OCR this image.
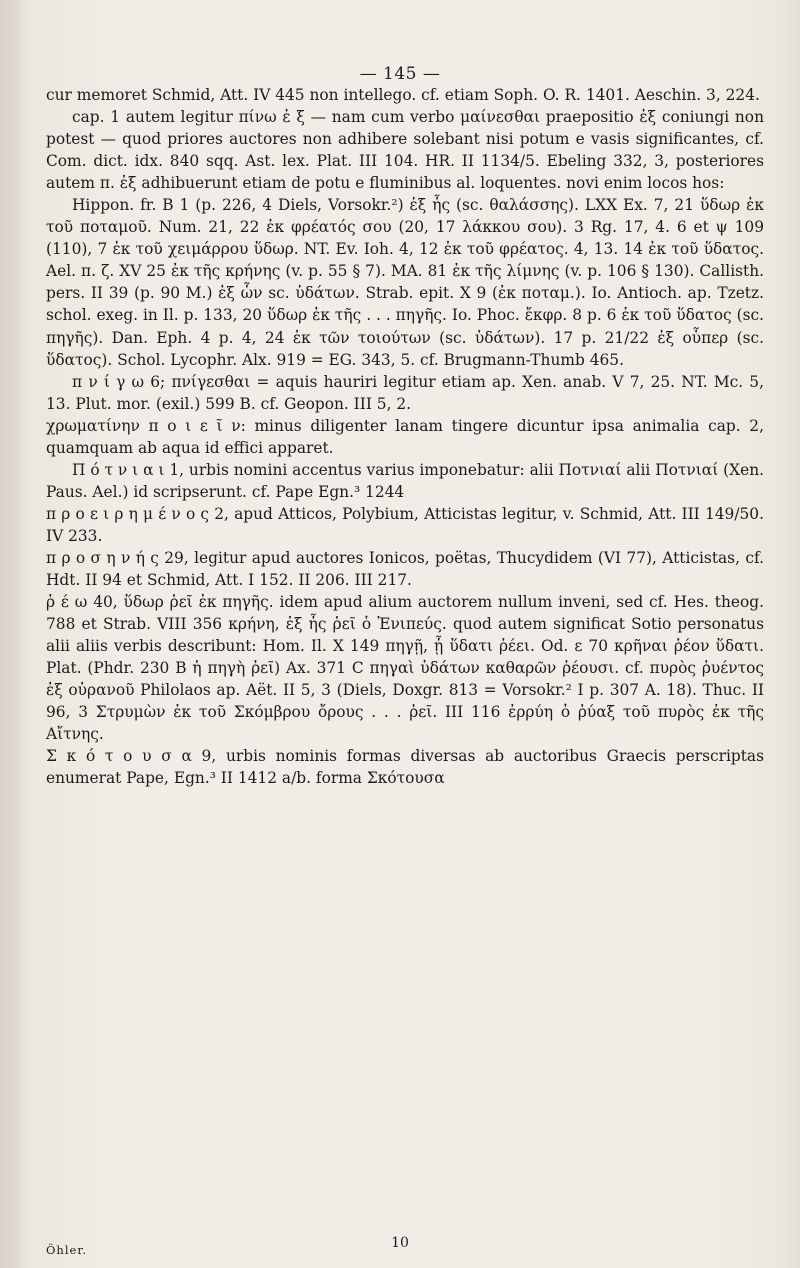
— 145 —

cur memoret Schmid, Att. IV 445 non intellego. cf. etiam Soph. O. R. 1401. Aeschin. 3, 224.

cap. 1 autem legitur πίνω ἐ ξ — nam cum verbo μαίνεσθαι praepositio ἐξ coniungi non potest — quod priores auctores non adhibere solebant nisi potum e vasis significantes, cf. Com. dict. idx. 840 sqq. Ast. lex. Plat. III 104. HR. II 1134/5. Ebeling 332, 3, posteriores autem π. ἐξ adhibuerunt etiam de potu e fluminibus al. loquentes. novi enim locos hos:

Hippon. fr. B 1 (p. 226, 4 Diels, Vorsokr.²) ἐξ ἧς (sc. θαλάσσης). LXX Ex. 7, 21 ὕδωρ ἐκ τοῦ ποταμοῦ. Num. 21, 22 ἐκ φρέατός σου (20, 17 λάκκου σου). 3 Rg. 17, 4. 6 et ψ 109 (110), 7 ἐκ τοῦ χειμάρρου ὕδωρ. NT. Ev. Ioh. 4, 12 ἐκ τοῦ φρέατος. 4, 13. 14 ἐκ τοῦ ὕδατος. Ael. π. ζ. XV 25 ἐκ τῆς κρήνης (v. p. 55 § 7). MA. 81 ἐκ τῆς λίμνης (v. p. 106 § 130). Callisth. pers. II 39 (p. 90 M.) ἐξ ὧν sc. ὑδάτων. Strab. epit. X 9 (ἐκ ποταμ.). Io. Antioch. ap. Tzetz. schol. exeg. in Il. p. 133, 20 ὕδωρ ἐκ τῆς . . . πηγῆς. Io. Phoc. ἔκφρ. 8 p. 6 ἐκ τοῦ ὕδατος (sc. πηγῆς). Dan. Eph. 4 p. 4, 24 ἐκ τῶν τοιούτων (sc. ὑδάτων). 17 p. 21/22 ἐξ οὗπερ (sc. ὕδατος). Schol. Lycophr. Alx. 919 = EG. 343, 5. cf. Brugmann-Thumb 465.

π ν ί γ ω 6; πνίγεσθαι = aquis hauriri legitur etiam ap. Xen. anab. V 7, 25. NT. Mc. 5, 13. Plut. mor. (exil.) 599 B. cf. Geopon. III 5, 2.

χρωματίνην π ο ι ε ῖ ν: minus diligenter lanam tingere dicuntur ipsa animalia cap. 2, quamquam ab aqua id effici apparet.

Π ό τ ν ι α ι 1, urbis nomini accentus varius imponebatur: alii Ποτνιαί alii Ποτνιαί (Xen. Paus. Ael.) id scripserunt. cf. Pape Egn.³ 1244

π ρ ο ε ι ρ η μ έ ν ο ς 2, apud Atticos, Polybium, Atticistas legitur, v. Schmid, Att. III 149/50. IV 233.

π ρ ο σ η ν ή ς 29, legitur apud auctores Ionicos, poëtas, Thucydidem (VI 77), Atticistas, cf. Hdt. II 94 et Schmid, Att. I 152. II 206. III 217.

ῥ έ ω 40, ὕδωρ ῥεῖ ἐκ πηγῆς. idem apud alium auctorem nullum inveni, sed cf. Hes. theog. 788 et Strab. VIII 356 κρήνη, ἐξ ἧς ῥεῖ ὁ Ἐνιπεύς. quod autem significat Sotio personatus alii aliis verbis describunt: Hom. Il. X 149 πηγῇ, ᾗ ὕδατι ῥέει. Od. ε 70 κρῆναι ῥέον ὕδατι. Plat. (Phdr. 230 B ἡ πηγὴ ῥεῖ) Ax. 371 C πηγαὶ ὑδάτων καθαρῶν ῥέουσι. cf. πυρὸς ῥυέντος ἐξ οὐρανοῦ Philolaos ap. Aët. II 5, 3 (Diels, Doxgr. 813 = Vorsokr.² I p. 307 A. 18). Thuc. II 96, 3 Στρυμὼν ἐκ τοῦ Σκόμβρου ὄρους . . . ῥεῖ. III 116 ἐρρύη ὁ ῥύαξ τοῦ πυρὸς ἐκ τῆς Αἴτνης.

Σ κ ό τ ο υ σ α 9, urbis nominis formas diversas ab auctoribus Graecis perscriptas enumerat Pape, Egn.³ II 1412 a/b. forma Σκότουσα

Öhler.	10
